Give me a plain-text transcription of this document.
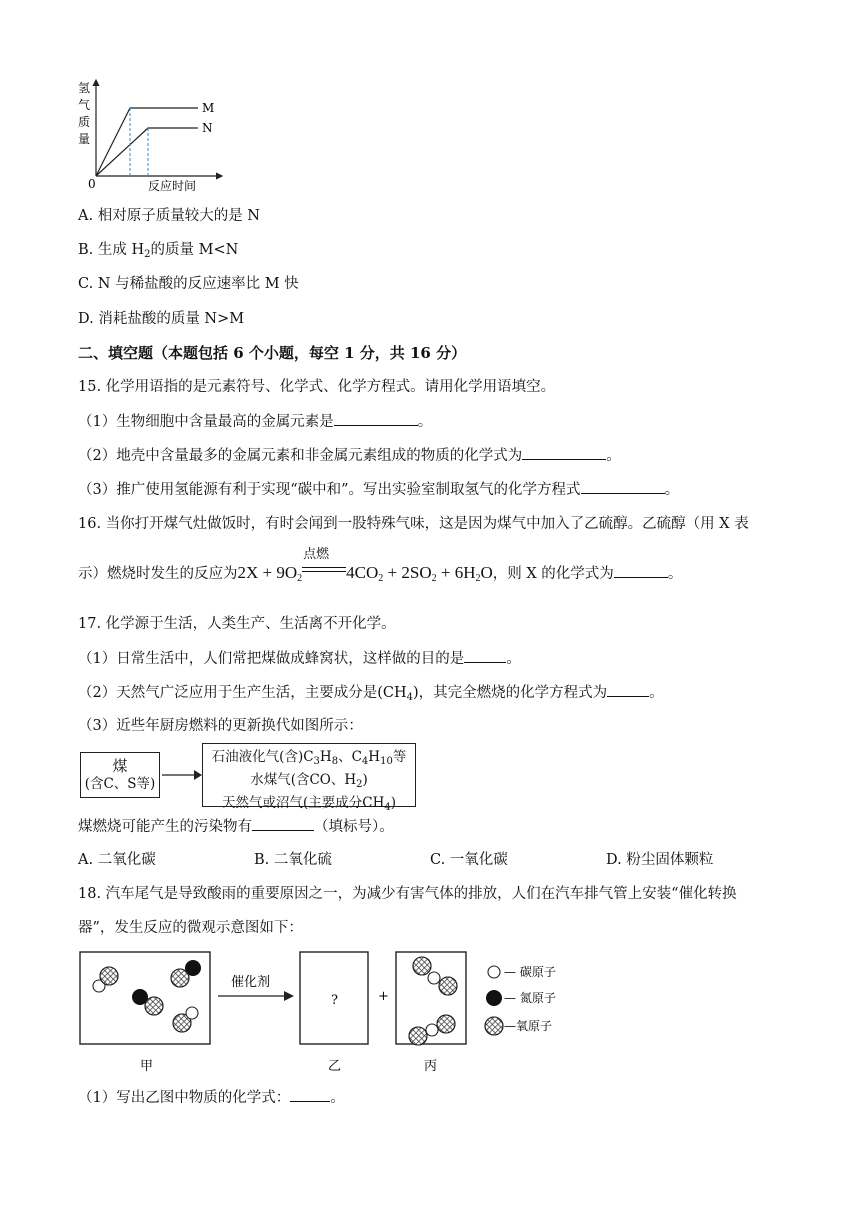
氢
气
质
量
0	反应时间
M
N
A. 相对原子质量较大的是 N
B. 生成 $H_2$的质量 M<N
C. N 与稀盐酸的反应速率比 M 快
D. 消耗盐酸的质量 N>M
二、填空题（本题包括 6 个小题，每空 1 分，共 16 分）
15. 化学用语指的是元素符号、化学式、化学方程式。请用化学用语填空。
（1）生物细胞中含量最高的金属元素是	。
（2）地壳中含量最多的金属元素和非金属元素组成的物质的化学式为	。
（3）推广使用氢能源有利于实现“碳中和”。写出实验室制取氢气的化学方程式	。
16. 当你打开煤气灶做饭时，有时会闻到一股特殊气味，这是因为煤气中加入了乙硫醇。乙硫醇（用 X 表
示）燃烧时发生的反应为$2X + 9O_2$
点燃
$4CO_2 + 2SO_2 + 6H_2O$，则 X 的化学式为	。
17. 化学源于生活，人类生产、生活离不开化学。
（1）日常生活中，人们常把煤做成蜂窝状，这样做的目的是	。
（2）天然气广泛应用于生产生活，主要成分是$(CH_4)$，其完全燃烧的化学方程式为	。
（3）近些年厨房燃料的更新换代如图所示：
煤
(含C、S等)
石油液化气(含)$C_3H_8$、$C_4H_{10}$等
水煤气(含CO、$H_2$)
天然气或沼气(主要成分$CH_4$)
煤燃烧可能产生的污染物有	（填标号）。
A. 二氧化碳	B. 二氧化硫	C. 一氧化碳	D. 粉尘固体颗粒
18. 汽车尾气是导致酸雨的重要原因之一，为减少有害气体的排放，人们在汽车排气管上安装“催化转换
器”，发生反应的微观示意图如下：
催化剂
?	+
— 碳原子
— 氮原子
—氧原子
甲	乙	丙
（1）写出乙图中物质的化学式：	。
